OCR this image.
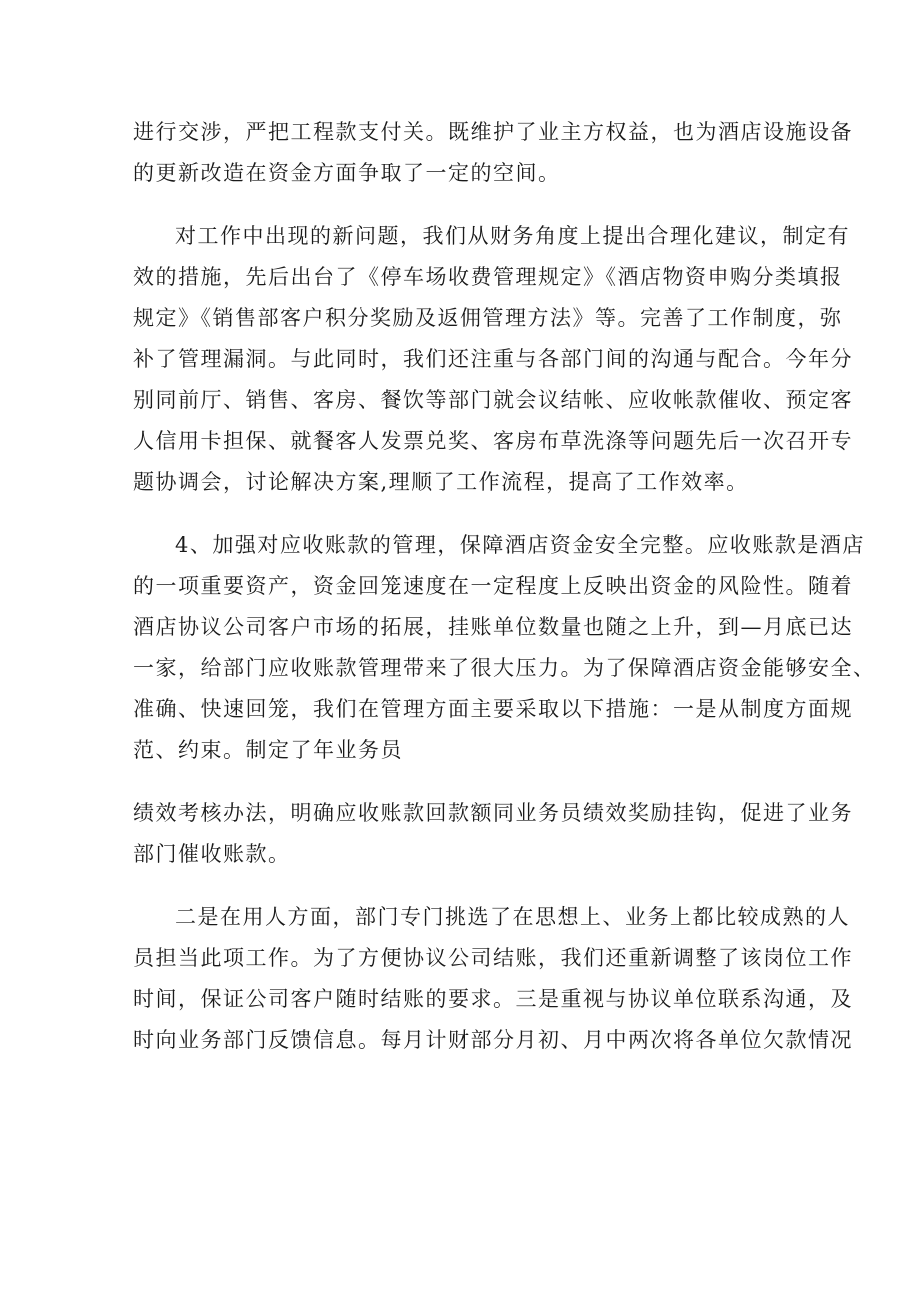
进行交涉，严把工程款支付关。既维护了业主方权益，也为酒店设施设备
的更新改造在资金方面争取了一定的空间。

对工作中出现的新问题，我们从财务角度上提出合理化建议，制定有
效的措施，先后出台了《停车场收费管理规定》《酒店物资申购分类填报
规定》《销售部客户积分奖励及返佣管理方法》等。完善了工作制度，弥
补了管理漏洞。与此同时，我们还注重与各部门间的沟通与配合。今年分
别同前厅、销售、客房、餐饮等部门就会议结帐、应收帐款催收、预定客
人信用卡担保、就餐客人发票兑奖、客房布草洗涤等问题先后一次召开专
题协调会，讨论解决方案,理顺了工作流程，提高了工作效率。

4、加强对应收账款的管理，保障酒店资金安全完整。应收账款是酒店
的一项重要资产，资金回笼速度在一定程度上反映出资金的风险性。随着
酒店协议公司客户市场的拓展，挂账单位数量也随之上升，到—月底已达
一家，给部门应收账款管理带来了很大压力。为了保障酒店资金能够安全、
准确、快速回笼，我们在管理方面主要采取以下措施：一是从制度方面规
范、约束。制定了年业务员

绩效考核办法，明确应收账款回款额同业务员绩效奖励挂钩，促进了业务
部门催收账款。

二是在用人方面，部门专门挑选了在思想上、业务上都比较成熟的人
员担当此项工作。为了方便协议公司结账，我们还重新调整了该岗位工作
时间，保证公司客户随时结账的要求。三是重视与协议单位联系沟通，及
时向业务部门反馈信息。每月计财部分月初、月中两次将各单位欠款情况
